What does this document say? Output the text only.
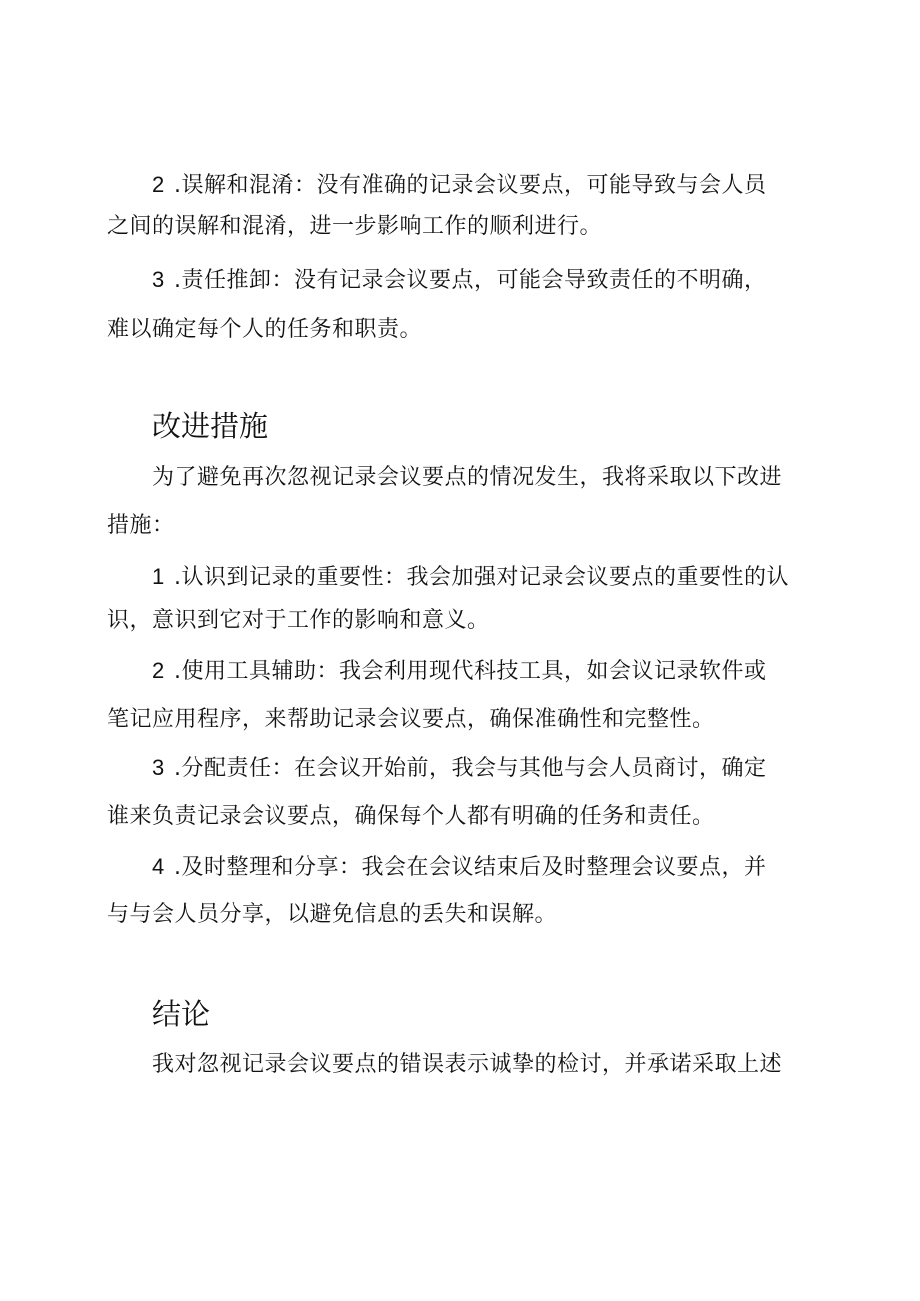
2 .误解和混淆：没有准确的记录会议要点，可能导致与会人员
之间的误解和混淆，进一步影响工作的顺利进行。
3 .责任推卸：没有记录会议要点，可能会导致责任的不明确，
难以确定每个人的任务和职责。
改进措施
为了避免再次忽视记录会议要点的情况发生，我将采取以下改进
措施：
1 .认识到记录的重要性：我会加强对记录会议要点的重要性的认
识，意识到它对于工作的影响和意义。
2 .使用工具辅助：我会利用现代科技工具，如会议记录软件或
笔记应用程序，来帮助记录会议要点，确保准确性和完整性。
3 .分配责任：在会议开始前，我会与其他与会人员商讨，确定
谁来负责记录会议要点，确保每个人都有明确的任务和责任。
4 .及时整理和分享：我会在会议结束后及时整理会议要点，并
与与会人员分享，以避免信息的丢失和误解。
结论
我对忽视记录会议要点的错误表示诚挚的检讨，并承诺采取上述
